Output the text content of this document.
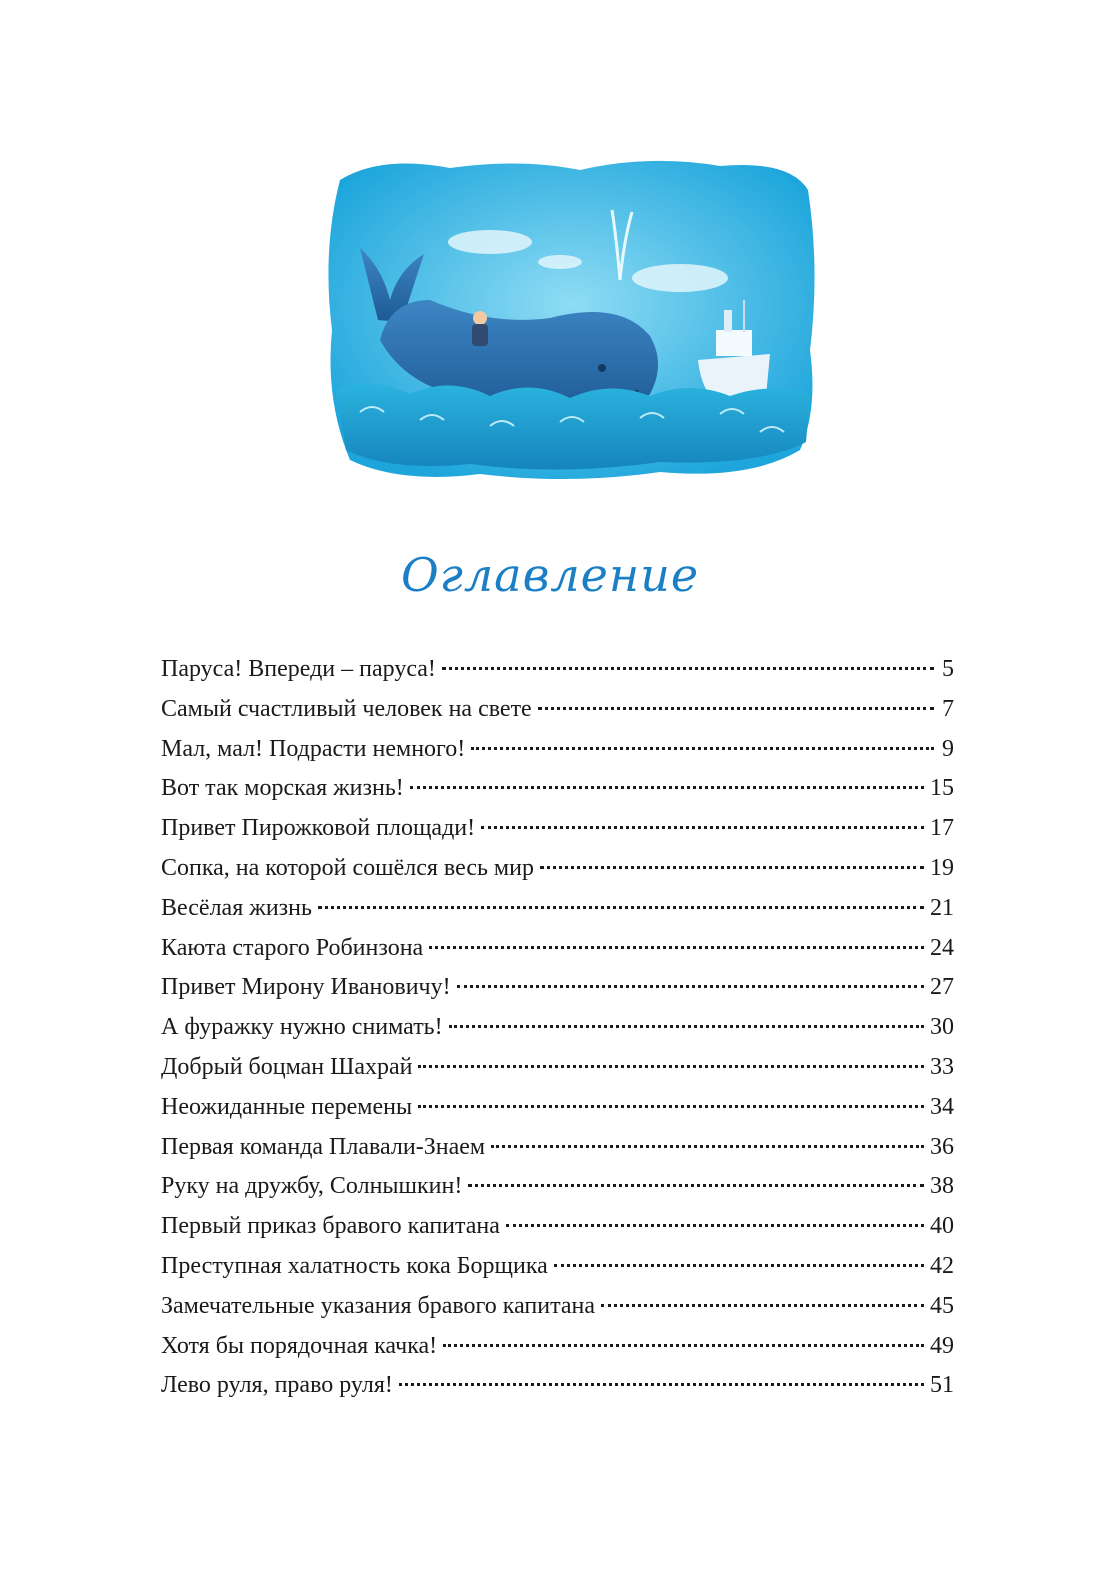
Оглавление
Паруса! Впереди – паруса!	5
Самый счастливый человек на свете	7
Мал, мал! Подрасти немного!	9
Вот так морская жизнь!	15
Привет Пирожковой площади!	17
Сопка, на которой сошёлся весь мир	19
Весёлая жизнь	21
Каюта старого Робинзона	24
Привет Мирону Ивановичу!	27
А фуражку нужно снимать!	30
Добрый боцман Шахрай	33
Неожиданные перемены	34
Первая команда Плавали-Знаем	36
Руку на дружбу, Солнышкин!	38
Первый приказ бравого капитана	40
Преступная халатность кока Борщика	42
Замечательные указания бравого капитана	45
Хотя бы порядочная качка!	49
Лево руля, право руля!	51
